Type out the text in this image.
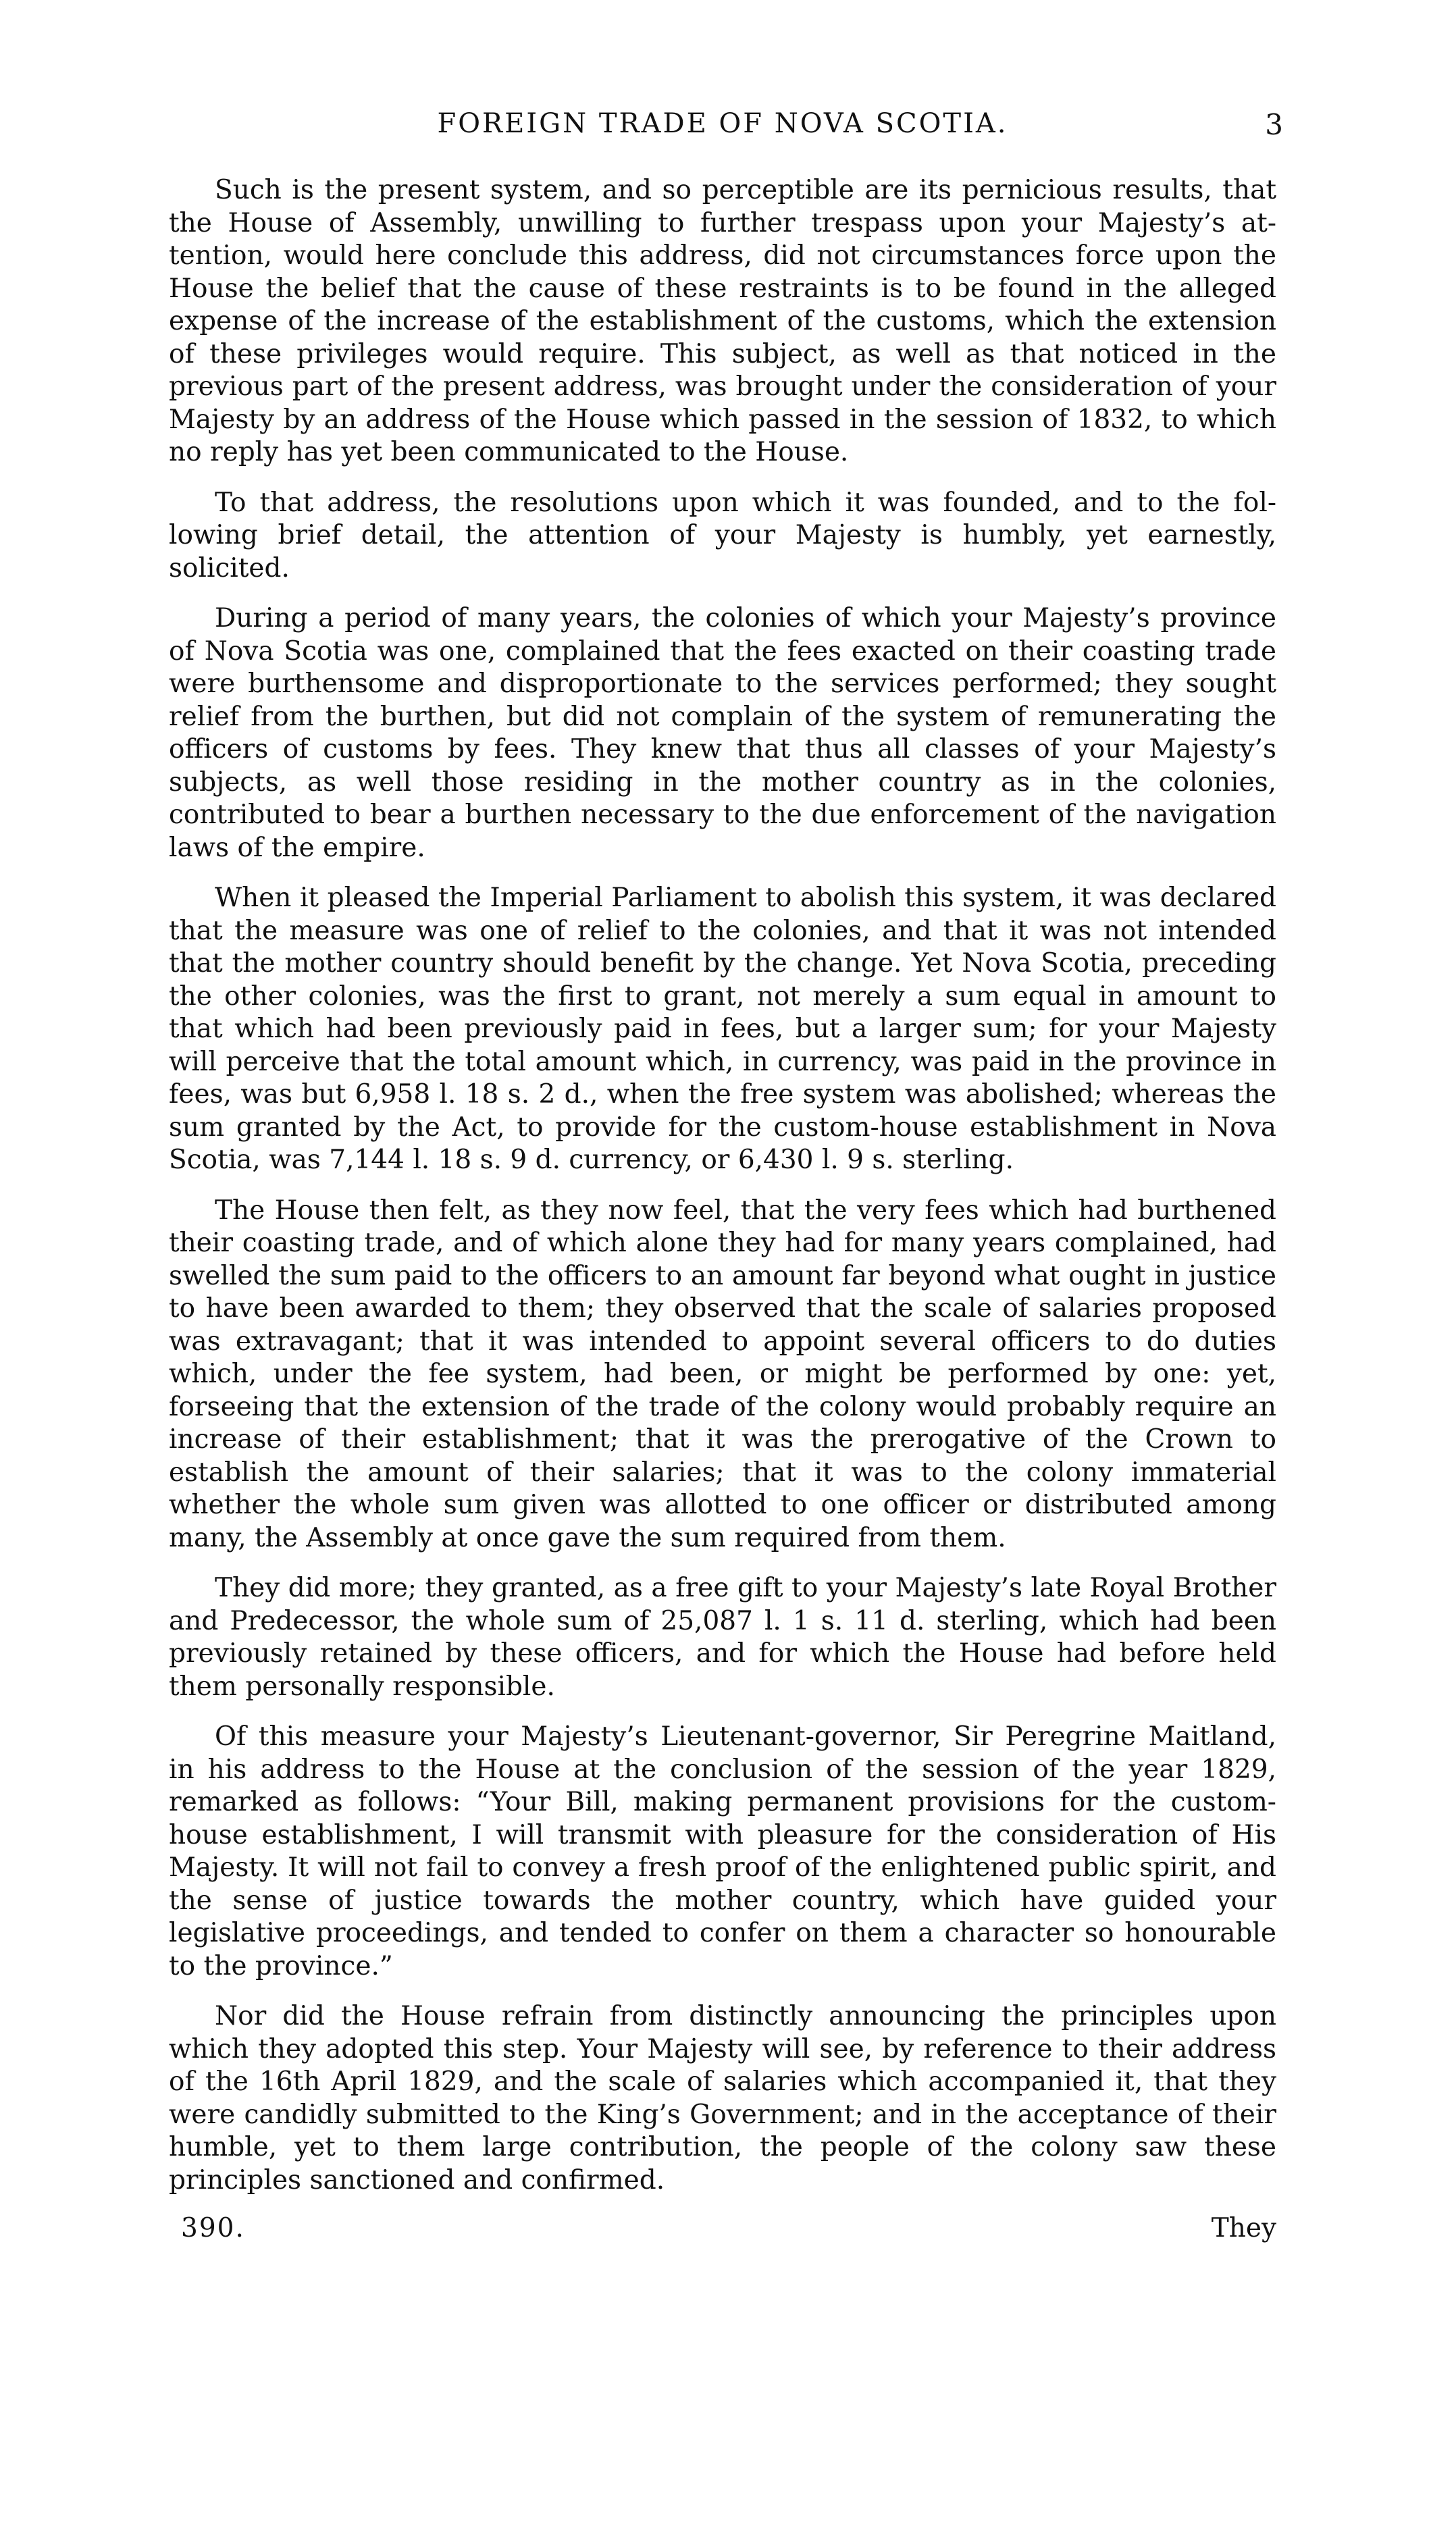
FOREIGN TRADE OF NOVA SCOTIA.	3

Such is the present system, and so perceptible are its pernicious results, that the House of Assembly, unwilling to further trespass upon your Majesty’s attention, would here conclude this address, did not circumstances force upon the House the belief that the cause of these restraints is to be found in the alleged expense of the increase of the establishment of the customs, which the extension of these privileges would require. This subject, as well as that noticed in the previous part of the present address, was brought under the consideration of your Majesty by an address of the House which passed in the session of 1832, to which no reply has yet been communicated to the House.

To that address, the resolutions upon which it was founded, and to the following brief detail, the attention of your Majesty is humbly, yet earnestly, solicited.

During a period of many years, the colonies of which your Majesty’s province of Nova Scotia was one, complained that the fees exacted on their coasting trade were burthensome and disproportionate to the services performed; they sought relief from the burthen, but did not complain of the system of remunerating the officers of customs by fees. They knew that thus all classes of your Majesty’s subjects, as well those residing in the mother country as in the colonies, contributed to bear a burthen necessary to the due enforcement of the navigation laws of the empire.

When it pleased the Imperial Parliament to abolish this system, it was declared that the measure was one of relief to the colonies, and that it was not intended that the mother country should benefit by the change. Yet Nova Scotia, preceding the other colonies, was the first to grant, not merely a sum equal in amount to that which had been previously paid in fees, but a larger sum; for your Majesty will perceive that the total amount which, in currency, was paid in the province in fees, was but 6,958 l. 18 s. 2 d., when the free system was abolished; whereas the sum granted by the Act, to provide for the custom-house establishment in Nova Scotia, was 7,144 l. 18 s. 9 d. currency, or 6,430 l. 9 s. sterling.

The House then felt, as they now feel, that the very fees which had burthened their coasting trade, and of which alone they had for many years complained, had swelled the sum paid to the officers to an amount far beyond what ought in justice to have been awarded to them; they observed that the scale of salaries proposed was extravagant; that it was intended to appoint several officers to do duties which, under the fee system, had been, or might be performed by one: yet, forseeing that the extension of the trade of the colony would probably require an increase of their establishment; that it was the prerogative of the Crown to establish the amount of their salaries; that it was to the colony immaterial whether the whole sum given was allotted to one officer or distributed among many, the Assembly at once gave the sum required from them.

They did more; they granted, as a free gift to your Majesty’s late Royal Brother and Predecessor, the whole sum of 25,087 l. 1 s. 11 d. sterling, which had been previously retained by these officers, and for which the House had before held them personally responsible.

Of this measure your Majesty’s Lieutenant-governor, Sir Peregrine Maitland, in his address to the House at the conclusion of the session of the year 1829, remarked as follows: “Your Bill, making permanent provisions for the custom-house establishment, I will transmit with pleasure for the consideration of His Majesty. It will not fail to convey a fresh proof of the enlightened public spirit, and the sense of justice towards the mother country, which have guided your legislative proceedings, and tended to confer on them a character so honourable to the province.”

Nor did the House refrain from distinctly announcing the principles upon which they adopted this step. Your Majesty will see, by reference to their address of the 16th April 1829, and the scale of salaries which accompanied it, that they were candidly submitted to the King’s Government; and in the acceptance of their humble, yet to them large contribution, the people of the colony saw these principles sanctioned and confirmed.

390.	They
